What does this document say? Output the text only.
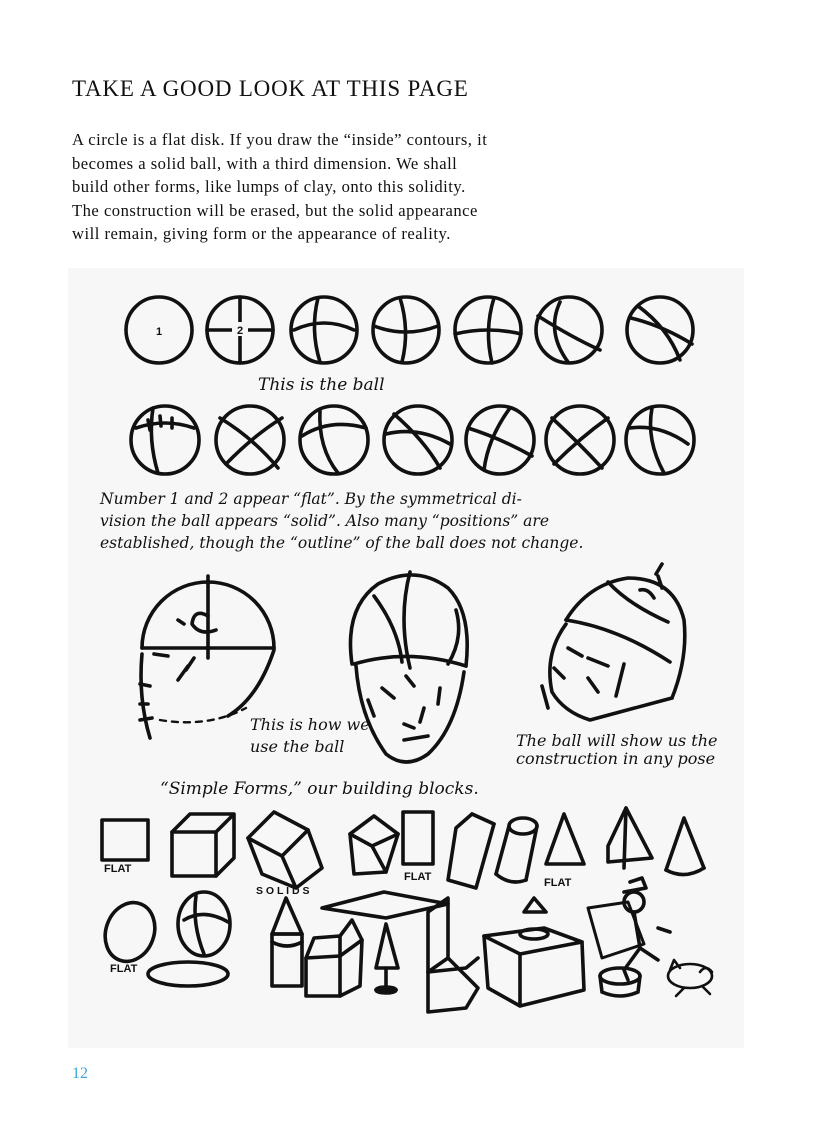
TAKE A GOOD LOOK AT THIS PAGE

A circle is a flat disk. If you draw the “inside” contours, it
becomes a solid ball, with a third dimension. We shall
build other forms, like lumps of clay, onto this solidity.
The construction will be erased, but the solid appearance
will remain, giving form or the appearance of reality.

1	2
This is the ball
Number 1 and 2 appear “flat”. By the symmetrical di-
vision the ball appears “solid”. Also many “positions” are
established, though the “outline” of the ball does not change.
This is how we
use the ball	The ball will show us the
construction in any pose
“Simple Forms,” our building blocks.
FLAT
FLAT	FLAT
S O L I D S
FLAT
12
